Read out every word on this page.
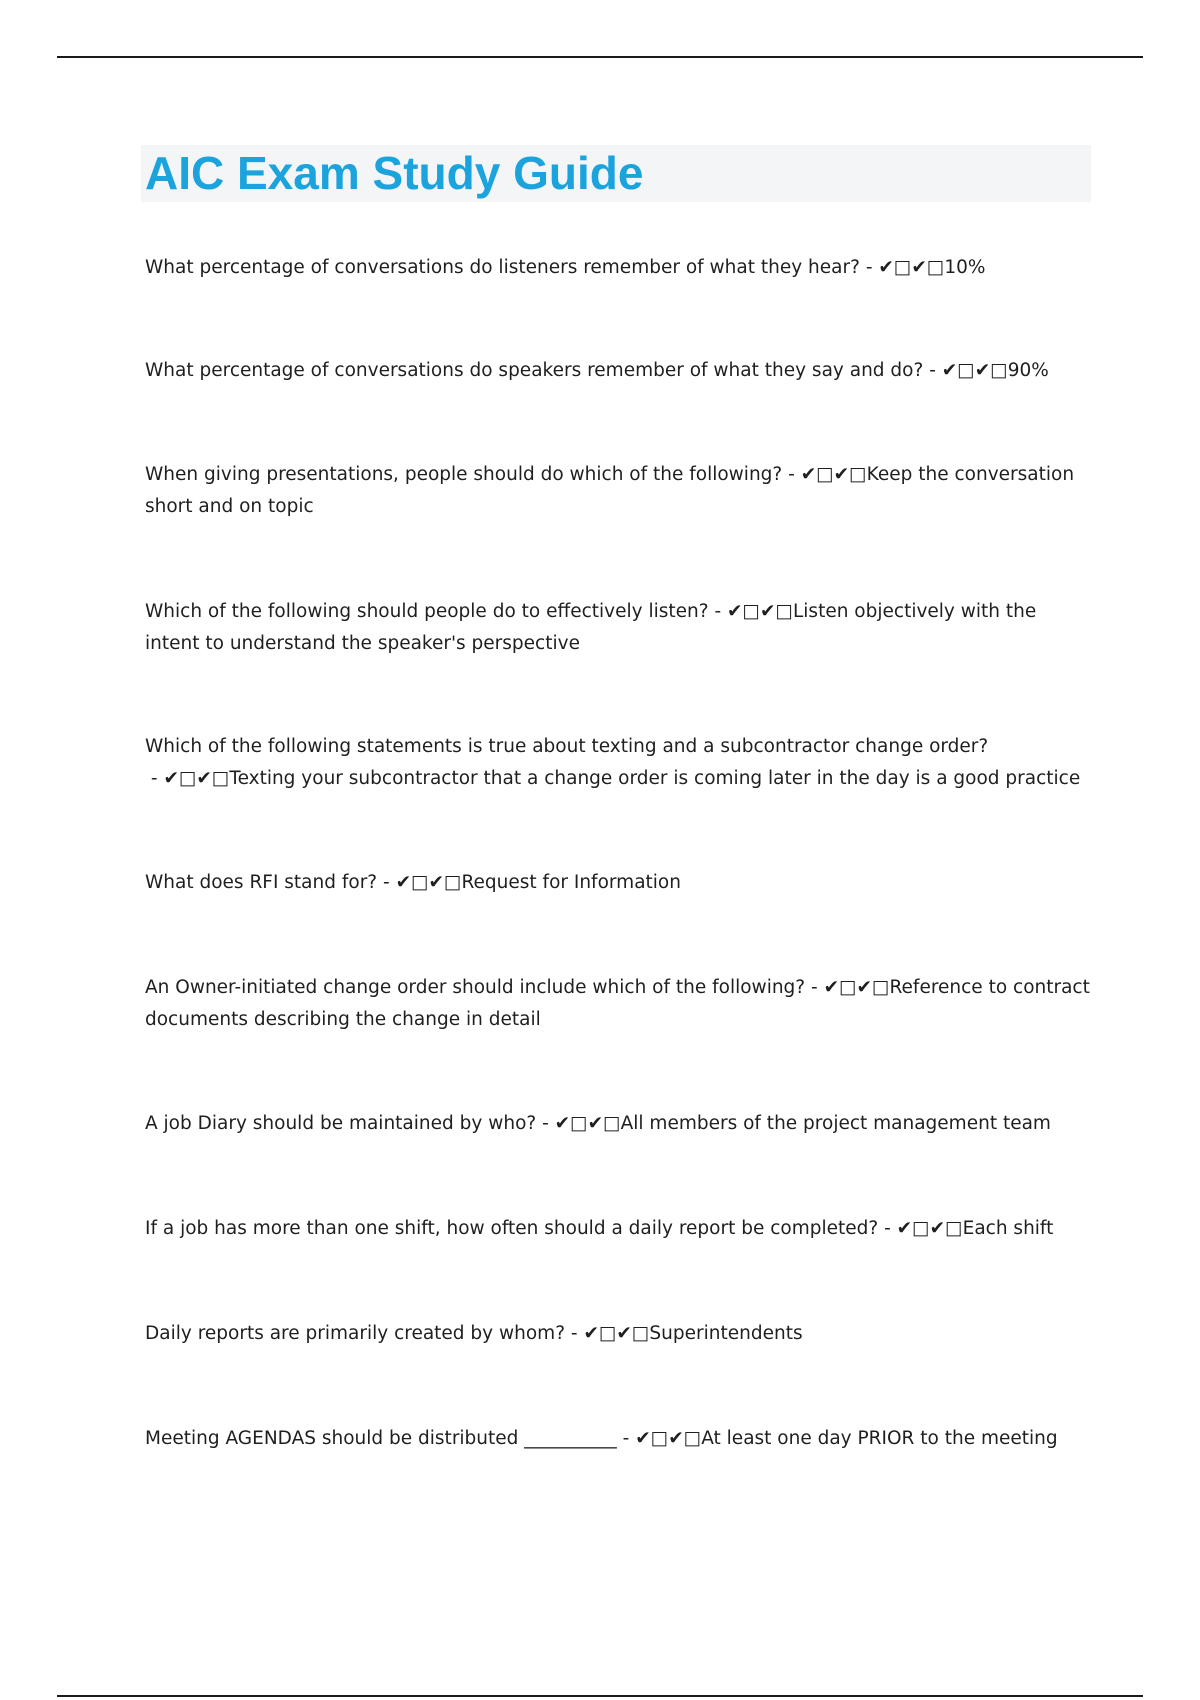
AIC Exam Study Guide

What percentage of conversations do listeners remember of what they hear? - ✔□✔□10%

What percentage of conversations do speakers remember of what they say and do? - ✔□✔□90%

When giving presentations, people should do which of the following? - ✔□✔□Keep the conversation short and on topic

Which of the following should people do to effectively listen? - ✔□✔□Listen objectively with the intent to understand the speaker's perspective

Which of the following statements is true about texting and a subcontractor change order? - ✔□✔□Texting your subcontractor that a change order is coming later in the day is a good practice

What does RFI stand for? - ✔□✔□Request for Information

An Owner-initiated change order should include which of the following? - ✔□✔□Reference to contract documents describing the change in detail

A job Diary should be maintained by who? - ✔□✔□All members of the project management team

If a job has more than one shift, how often should a daily report be completed? - ✔□✔□Each shift

Daily reports are primarily created by whom? - ✔□✔□Superintendents

Meeting AGENDAS should be distributed __________ - ✔□✔□At least one day PRIOR to the meeting
